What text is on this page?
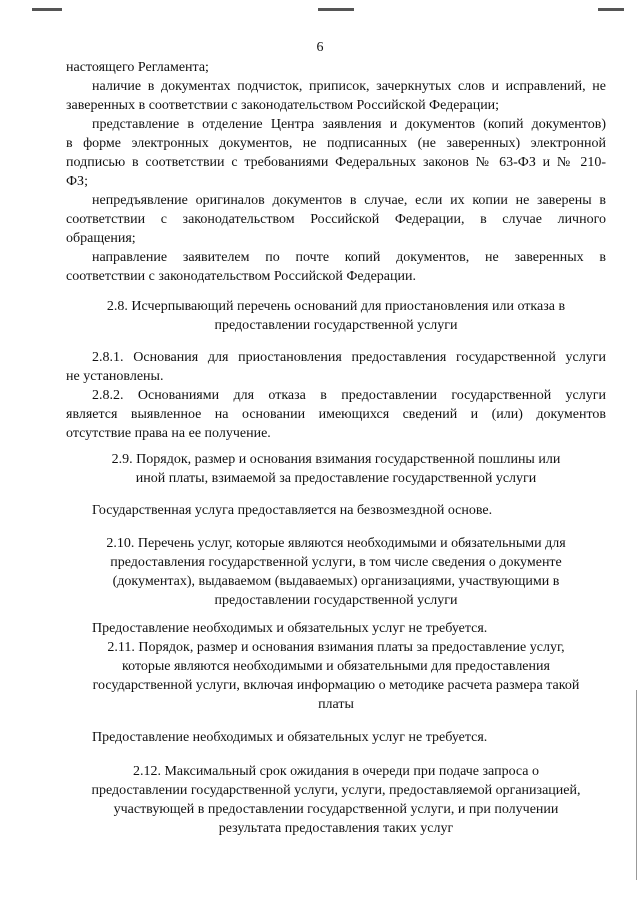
6
настоящего Регламента;
наличие в документах подчисток, приписок, зачеркнутых слов и исправлений, не
заверенных в соответствии с законодательством Российской Федерации;
представление в отделение Центра заявления и документов (копий документов)
в форме электронных документов, не подписанных (не заверенных) электронной
подписью в соответствии с требованиями Федеральных законов № 63-ФЗ и № 210-
ФЗ;
непредъявление оригиналов документов в случае, если их копии не заверены в
соответствии с законодательством Российской Федерации, в случае личного
обращения;
направление заявителем по почте копий документов, не заверенных в
соответствии с законодательством Российской Федерации.
2.8. Исчерпывающий перечень оснований для приостановления или отказа в
предоставлении государственной услуги
2.8.1. Основания для приостановления предоставления государственной услуги
не установлены.
2.8.2. Основаниями для отказа в предоставлении государственной услуги
является выявленное на основании имеющихся сведений и (или) документов
отсутствие права на ее получение.
2.9. Порядок, размер и основания взимания государственной пошлины или
иной платы, взимаемой за предоставление государственной услуги
Государственная услуга предоставляется на безвозмездной основе.
2.10. Перечень услуг, которые являются необходимыми и обязательными для
предоставления государственной услуги, в том числе сведения о документе
(документах), выдаваемом (выдаваемых) организациями, участвующими в
предоставлении государственной услуги
Предоставление необходимых и обязательных услуг не требуется.
2.11. Порядок, размер и основания взимания платы за предоставление услуг,
которые являются необходимыми и обязательными для предоставления
государственной услуги, включая информацию о методике расчета размера такой
платы
Предоставление необходимых и обязательных услуг не требуется.
2.12. Максимальный срок ожидания в очереди при подаче запроса о
предоставлении государственной услуги, услуги, предоставляемой организацией,
участвующей в предоставлении государственной услуги, и при получении
результата предоставления таких услуг
